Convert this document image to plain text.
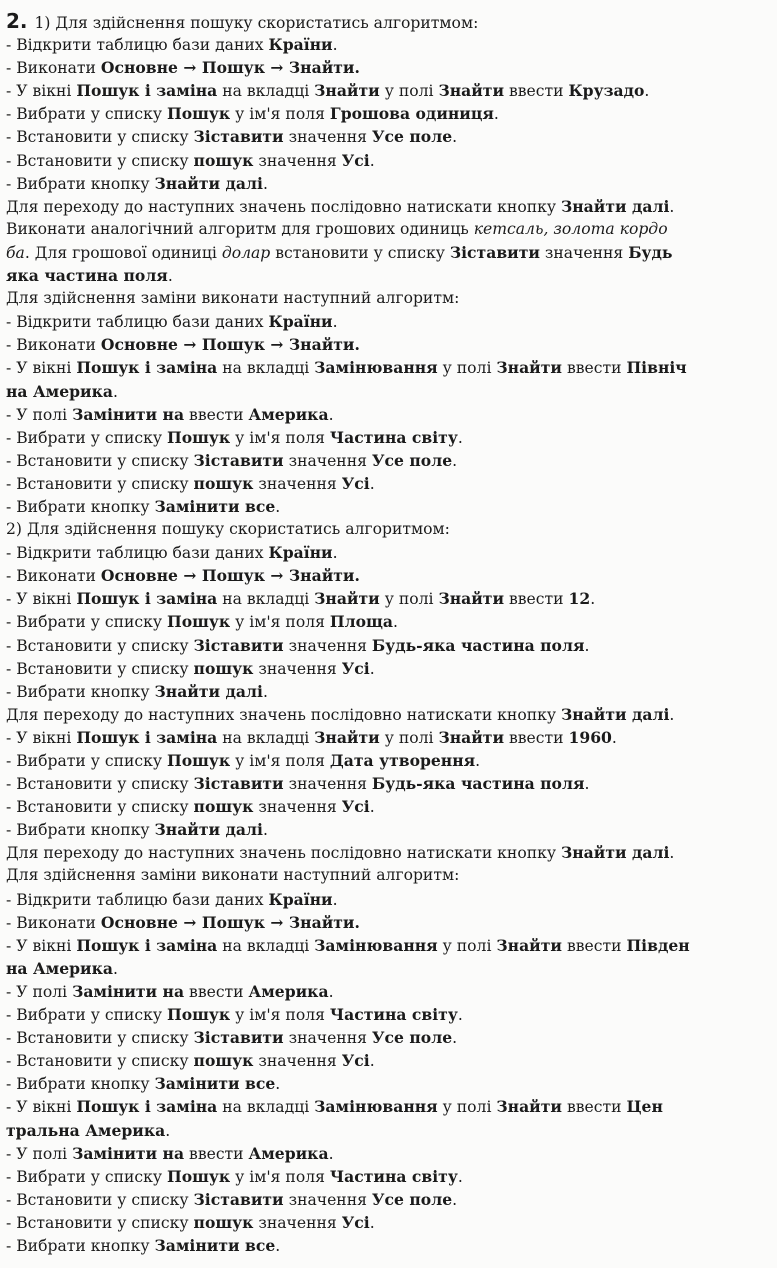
2. 1) Для здійснення пошуку скористатись алгоритмом:
- Відкрити таблицю бази даних Країни.
- Виконати Основне → Пошук → Знайти.
- У вікні Пошук і заміна на вкладці Знайти у полі Знайти ввести Крузадо.
- Вибрати у списку Пошук у ім'я поля Грошова одиниця.
- Встановити у списку Зіставити значення Усе поле.
- Встановити у списку пошук значення Усі.
- Вибрати кнопку Знайти далі.
Для переходу до наступних значень послідовно натискати кнопку Знайти далі.
Виконати аналогічний алгоритм для грошових одиниць кетсаль, золота кордо
ба. Для грошової одиниці долар встановити у списку Зіставити значення Будь
яка частина поля.
Для здійснення заміни виконати наступний алгоритм:
- Відкрити таблицю бази даних Країни.
- Виконати Основне → Пошук → Знайти.
- У вікні Пошук і заміна на вкладці Замінювання у полі Знайти ввести Північ
на Америка.
- У полі Замінити на ввести Америка.
- Вибрати у списку Пошук у ім'я поля Частина світу.
- Встановити у списку Зіставити значення Усе поле.
- Встановити у списку пошук значення Усі.
- Вибрати кнопку Замінити все.
2) Для здійснення пошуку скористатись алгоритмом:
- Відкрити таблицю бази даних Країни.
- Виконати Основне → Пошук → Знайти.
- У вікні Пошук і заміна на вкладці Знайти у полі Знайти ввести 12.
- Вибрати у списку Пошук у ім'я поля Площа.
- Встановити у списку Зіставити значення Будь-яка частина поля.
- Встановити у списку пошук значення Усі.
- Вибрати кнопку Знайти далі.
Для переходу до наступних значень послідовно натискати кнопку Знайти далі.
- У вікні Пошук і заміна на вкладці Знайти у полі Знайти ввести 1960.
- Вибрати у списку Пошук у ім'я поля Дата утворення.
- Встановити у списку Зіставити значення Будь-яка частина поля.
- Встановити у списку пошук значення Усі.
- Вибрати кнопку Знайти далі.
Для переходу до наступних значень послідовно натискати кнопку Знайти далі.
Для здійснення заміни виконати наступний алгоритм:
- Відкрити таблицю бази даних Країни.
- Виконати Основне → Пошук → Знайти.
- У вікні Пошук і заміна на вкладці Замінювання у полі Знайти ввести Півден
на Америка.
- У полі Замінити на ввести Америка.
- Вибрати у списку Пошук у ім'я поля Частина світу.
- Встановити у списку Зіставити значення Усе поле.
- Встановити у списку пошук значення Усі.
- Вибрати кнопку Замінити все.
- У вікні Пошук і заміна на вкладці Замінювання у полі Знайти ввести Цен
тральна Америка.
- У полі Замінити на ввести Америка.
- Вибрати у списку Пошук у ім'я поля Частина світу.
- Встановити у списку Зіставити значення Усе поле.
- Встановити у списку пошук значення Усі.
- Вибрати кнопку Замінити все.
